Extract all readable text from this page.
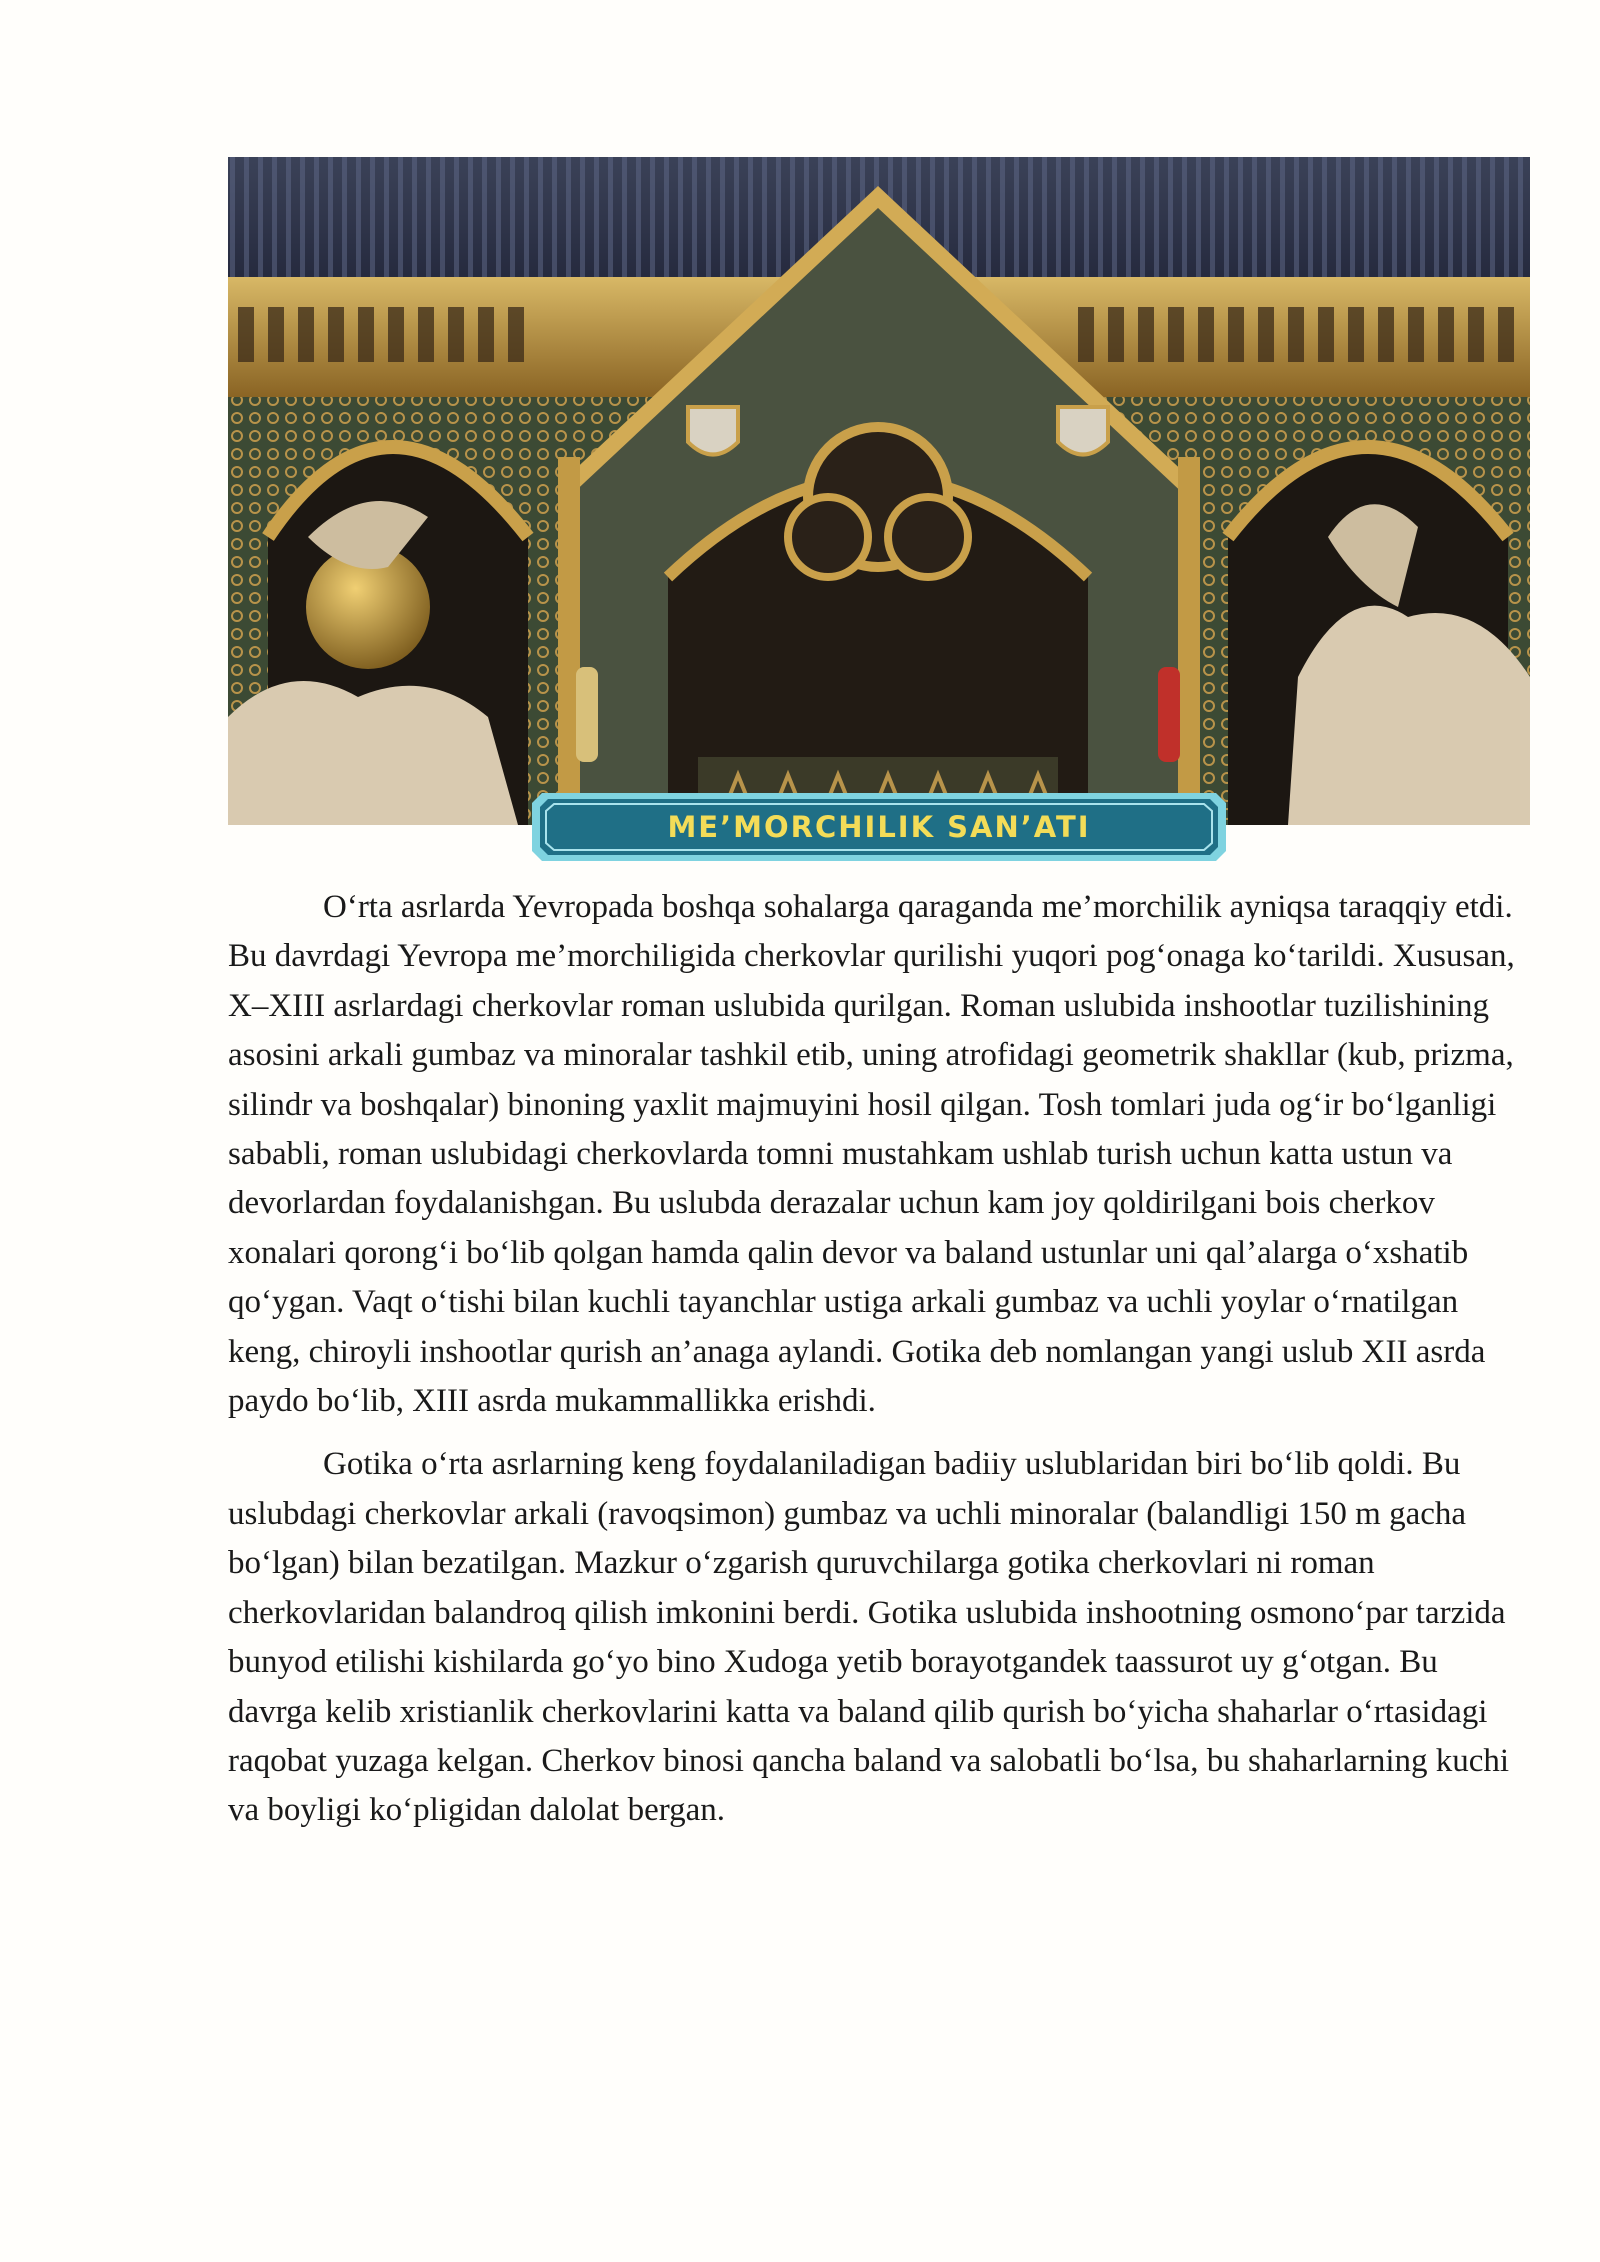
ME’MORCHILIK SAN’ATI

O‘rta asrlarda Yevropada boshqa sohalarga qaraganda me’morchilik ayniqsa taraqqiy etdi. Bu davrdagi Yevropa me’morchiligida cherkovlar qurilishi yuqori pog‘onaga ko‘tarildi. Xususan, X–XIII asrlardagi cherkovlar roman uslubida qurilgan. Roman uslubida inshootlar tuzilishining asosini arkali gumbaz va minoralar tashkil etib, uning atrofidagi geometrik shakllar (kub, prizma, silindr va boshqalar) binoning yaxlit majmuyini hosil qilgan. Tosh tomlari juda og‘ir bo‘lganligi sababli, roman uslubidagi cherkovlarda tomni mustahkam ushlab turish uchun katta ustun va devorlardan foydalanishgan. Bu uslubda derazalar uchun kam joy qoldirilgani bois cherkov xonalari qorong‘i bo‘lib qolgan hamda qalin devor va baland ustunlar uni qal’alarga o‘xshatib qo‘ygan. Vaqt o‘tishi bilan kuchli tayanchlar ustiga arkali gumbaz va uchli yoylar o‘rnatilgan keng, chiroyli inshootlar qurish an’anaga aylandi. Gotika deb nomlangan yangi uslub XII asrda paydo bo‘lib, XIII asrda mukammallikka erishdi.

Gotika o‘rta asrlarning keng foydalaniladigan badiiy uslublaridan biri bo‘lib qoldi. Bu uslubdagi cherkovlar arkali (ravoqsimon) gumbaz va uchli minoralar (balandligi 150 m gacha bo‘lgan) bilan bezatilgan. Mazkur o‘zgarish quruvchilarga gotika cherkovlari ni roman cherkovlaridan balandroq qilish imkonini berdi. Gotika uslubida inshootning osmono‘par tarzida bunyod etilishi kishilarda go‘yo bino Xudoga yetib borayotgandek taassurot uy g‘otgan. Bu davrga kelib xristianlik cherkovlarini katta va baland qilib qurish bo‘yicha shaharlar o‘rtasidagi raqobat yuzaga kelgan. Cherkov binosi qancha baland va salobatli bo‘lsa, bu shaharlarning kuchi va boyligi ko‘pligidan dalolat bergan.
